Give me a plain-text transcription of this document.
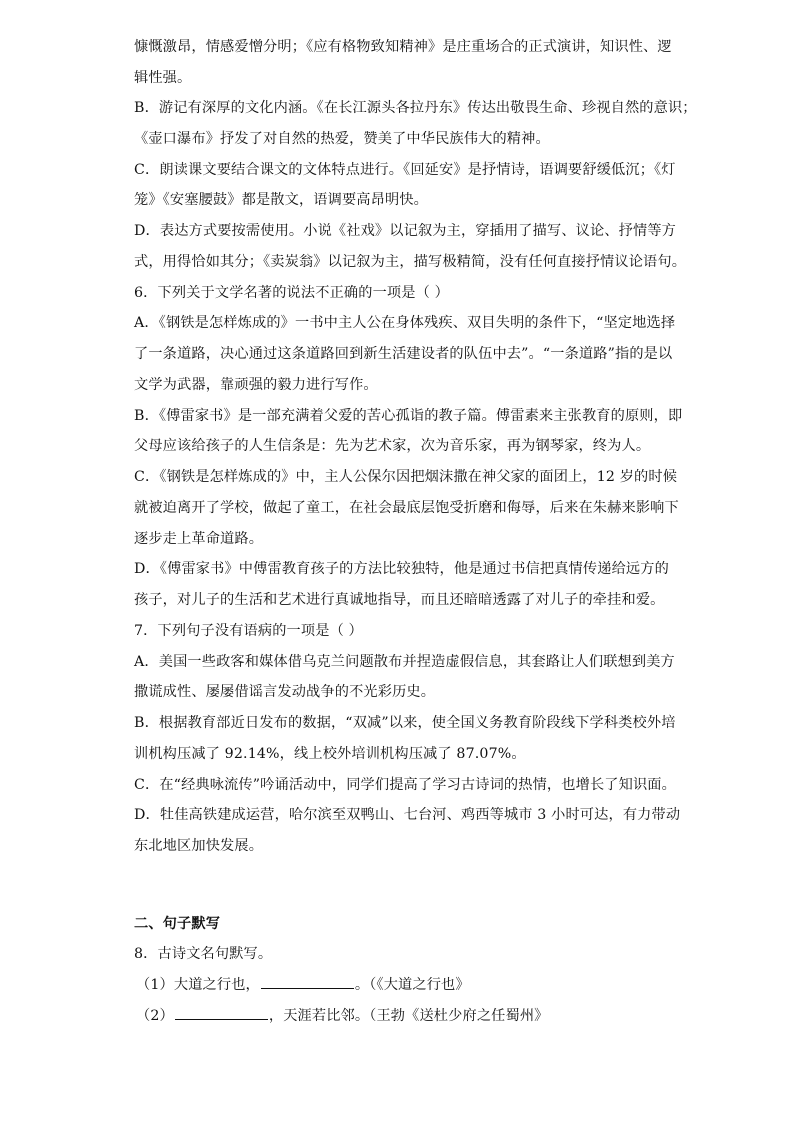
慷慨激昂，情感爱憎分明；《应有格物致知精神》是庄重场合的正式演讲，知识性、逻
辑性强。
B．游记有深厚的文化内涵。《在长江源头各拉丹东》传达出敬畏生命、珍视自然的意识；
《壶口瀑布》抒发了对自然的热爱，赞美了中华民族伟大的精神。
C．朗读课文要结合课文的文体特点进行。《回延安》是抒情诗，语调要舒缓低沉；《灯
笼》《安塞腰鼓》都是散文，语调要高昂明快。
D．表达方式要按需使用。小说《社戏》以记叙为主，穿插用了描写、议论、抒情等方
式，用得恰如其分；《卖炭翁》以记叙为主，描写极精简，没有任何直接抒情议论语句。
6．下列关于文学名著的说法不正确的一项是（ ）
A．《钢铁是怎样炼成的》一书中主人公在身体残疾、双目失明的条件下，“坚定地选择
了一条道路，决心通过这条道路回到新生活建设者的队伍中去”。“一条道路”指的是以
文学为武器，靠顽强的毅力进行写作。
B．《傅雷家书》是一部充满着父爱的苦心孤诣的教子篇。傅雷素来主张教育的原则，即
父母应该给孩子的人生信条是：先为艺术家，次为音乐家，再为钢琴家，终为人。
C．《钢铁是怎样炼成的》中，主人公保尔因把烟沫撒在神父家的面团上，12 岁的时候
就被迫离开了学校，做起了童工，在社会最底层饱受折磨和侮辱，后来在朱赫来影响下
逐步走上革命道路。
D．《傅雷家书》中傅雷教育孩子的方法比较独特，他是通过书信把真情传递给远方的
孩子，对儿子的生活和艺术进行真诚地指导，而且还暗暗透露了对儿子的牵挂和爱。
7．下列句子没有语病的一项是（ ）
A．美国一些政客和媒体借乌克兰问题散布并捏造虚假信息，其套路让人们联想到美方
撒谎成性、屡屡借谣言发动战争的不光彩历史。
B．根据教育部近日发布的数据，“双减”以来，使全国义务教育阶段线下学科类校外培
训机构压减了 92.14%，线上校外培训机构压减了 87.07%。
C．在“经典咏流传”吟诵活动中，同学们提高了学习古诗词的热情，也增长了知识面。
D．牡佳高铁建成运营，哈尔滨至双鸭山、七台河、鸡西等城市 3 小时可达，有力带动
东北地区加快发展。
二、句子默写
8．古诗文名句默写。
（1）大道之行也，	。（《大道之行也》
（2）	，天涯若比邻。（王勃《送杜少府之任蜀州》
